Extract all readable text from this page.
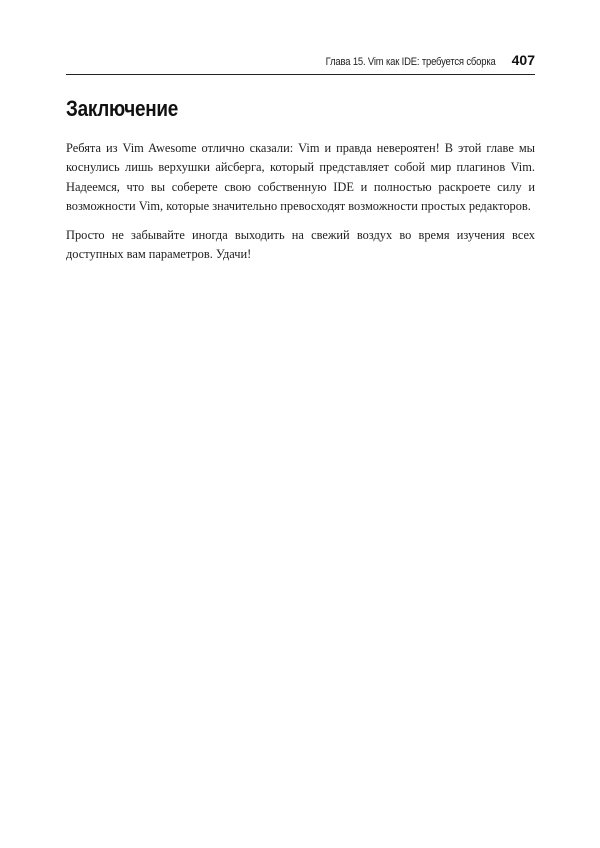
Глава 15. Vim как IDE: требуется сборка 407
Заключение

Ребята из Vim Awesome отлично сказали: Vim и правда невероятен! В этой главе мы коснулись лишь верхушки айсберга, который представляет собой мир плагинов Vim. Надеемся, что вы соберете свою собственную IDE и полностью раскроете силу и возможности Vim, которые значительно превосходят возможности простых редакторов.

Просто не забывайте иногда выходить на свежий воздух во время изучения всех доступных вам параметров. Удачи!
